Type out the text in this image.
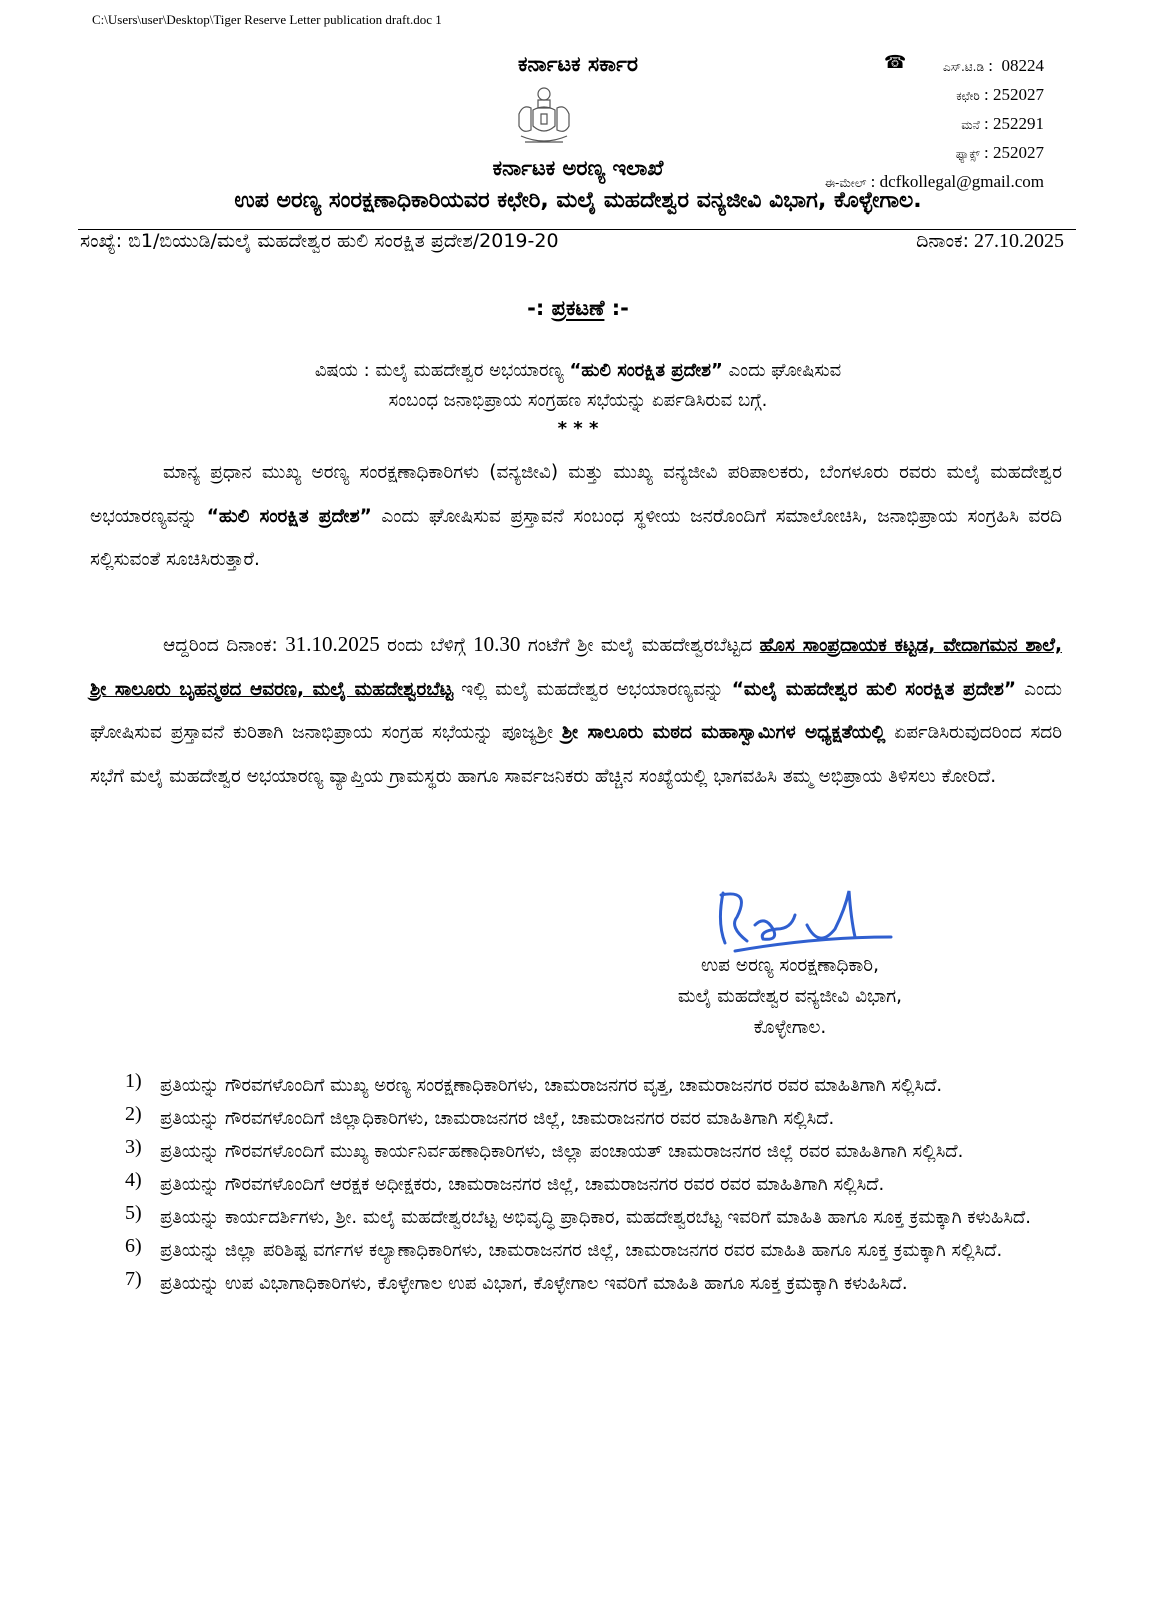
C:\Users\user\Desktop\Tiger Reserve Letter publication draft.doc 1
ಕರ್ನಾಟಕ ಸರ್ಕಾರ
ಕರ್ನಾಟಕ ಅರಣ್ಯ ಇಲಾಖೆ
☎	ಎಸ್.ಟಿ.ಡಿ :  08224
ಕಛೇರಿ : 252027
ಮನೆ : 252291
ಫ್ಯಾಕ್ಸ್ : 252027
ಈ-ಮೇಲ್ : dcfkollegal@gmail.com
ಉಪ ಅರಣ್ಯ ಸಂರಕ್ಷಣಾಧಿಕಾರಿಯವರ ಕಛೇರಿ, ಮಲೈ ಮಹದೇಶ್ವರ ವನ್ಯಜೀವಿ ವಿಭಾಗ, ಕೊಳ್ಳೇಗಾಲ.
ಸಂಖ್ಯೆ: ಬಿ1/ಬಿಯುಡಿ/ಮಲೈ ಮಹದೇಶ್ವರ ಹುಲಿ ಸಂರಕ್ಷಿತ ಪ್ರದೇಶ/2019-20	ದಿನಾಂಕ: 27.10.2025
-: ಪ್ರಕಟಣೆ :-
ವಿಷಯ : ಮಲೈ ಮಹದೇಶ್ವರ ಅಭಯಾರಣ್ಯ “ಹುಲಿ ಸಂರಕ್ಷಿತ ಪ್ರದೇಶ” ಎಂದು ಘೋಷಿಸುವ
ಸಂಬಂಧ ಜನಾಭಿಪ್ರಾಯ ಸಂಗ್ರಹಣ ಸಭೆಯನ್ನು ಏರ್ಪಡಿಸಿರುವ ಬಗ್ಗೆ.
* * *
ಮಾನ್ಯ ಪ್ರಧಾನ ಮುಖ್ಯ ಅರಣ್ಯ ಸಂರಕ್ಷಣಾಧಿಕಾರಿಗಳು (ವನ್ಯಜೀವಿ) ಮತ್ತು ಮುಖ್ಯ ವನ್ಯಜೀವಿ ಪರಿಪಾಲಕರು, ಬೆಂಗಳೂರು ರವರು ಮಲೈ ಮಹದೇಶ್ವರ ಅಭಯಾರಣ್ಯವನ್ನು “ಹುಲಿ ಸಂರಕ್ಷಿತ ಪ್ರದೇಶ” ಎಂದು ಘೋಷಿಸುವ ಪ್ರಸ್ತಾವನೆ ಸಂಬಂಧ ಸ್ಥಳೀಯ ಜನರೊಂದಿಗೆ ಸಮಾಲೋಚಿಸಿ, ಜನಾಭಿಪ್ರಾಯ ಸಂಗ್ರಹಿಸಿ ವರದಿ ಸಲ್ಲಿಸುವಂತೆ ಸೂಚಿಸಿರುತ್ತಾರೆ.
ಆದ್ದರಿಂದ ದಿನಾಂಕ: 31.10.2025 ರಂದು ಬೆಳಿಗ್ಗೆ 10.30 ಗಂಟೆಗೆ ಶ್ರೀ ಮಲೈ ಮಹದೇಶ್ವರಬೆಟ್ಟದ ಹೊಸ ಸಾಂಪ್ರದಾಯಕ ಕಟ್ಟಡ, ವೇದಾಗಮನ ಶಾಲೆ, ಶ್ರೀ ಸಾಲೂರು ಬೃಹನ್ಮಠದ ಆವರಣ, ಮಲೈ ಮಹದೇಶ್ವರಬೆಟ್ಟ ಇಲ್ಲಿ ಮಲೈ ಮಹದೇಶ್ವರ ಅಭಯಾರಣ್ಯವನ್ನು “ಮಲೈ ಮಹದೇಶ್ವರ ಹುಲಿ ಸಂರಕ್ಷಿತ ಪ್ರದೇಶ” ಎಂದು ಘೋಷಿಸುವ ಪ್ರಸ್ತಾವನೆ ಕುರಿತಾಗಿ ಜನಾಭಿಪ್ರಾಯ ಸಂಗ್ರಹ ಸಭೆಯನ್ನು ಪೂಜ್ಯಶ್ರೀ ಶ್ರೀ ಸಾಲೂರು ಮಠದ ಮಹಾಸ್ವಾಮಿಗಳ ಅಧ್ಯಕ್ಷತೆಯಲ್ಲಿ ಏರ್ಪಡಿಸಿರುವುದರಿಂದ ಸದರಿ ಸಭೆಗೆ ಮಲೈ ಮಹದೇಶ್ವರ ಅಭಯಾರಣ್ಯ ವ್ಯಾಪ್ತಿಯ ಗ್ರಾಮಸ್ಥರು ಹಾಗೂ ಸಾರ್ವಜನಿಕರು ಹೆಚ್ಚಿನ ಸಂಖ್ಯೆಯಲ್ಲಿ ಭಾಗವಹಿಸಿ ತಮ್ಮ ಅಭಿಪ್ರಾಯ ತಿಳಿಸಲು ಕೋರಿದೆ.
ಉಪ ಅರಣ್ಯ ಸಂರಕ್ಷಣಾಧಿಕಾರಿ,
ಮಲೈ ಮಹದೇಶ್ವರ ವನ್ಯಜೀವಿ ವಿಭಾಗ,
ಕೊಳ್ಳೇಗಾಲ.
1) ಪ್ರತಿಯನ್ನು ಗೌರವಗಳೊಂದಿಗೆ ಮುಖ್ಯ ಅರಣ್ಯ ಸಂರಕ್ಷಣಾಧಿಕಾರಿಗಳು, ಚಾಮರಾಜನಗರ ವೃತ್ತ, ಚಾಮರಾಜನಗರ ರವರ ಮಾಹಿತಿಗಾಗಿ ಸಲ್ಲಿಸಿದೆ.
2) ಪ್ರತಿಯನ್ನು ಗೌರವಗಳೊಂದಿಗೆ ಜಿಲ್ಲಾಧಿಕಾರಿಗಳು, ಚಾಮರಾಜನಗರ ಜಿಲ್ಲೆ, ಚಾಮರಾಜನಗರ ರವರ ಮಾಹಿತಿಗಾಗಿ ಸಲ್ಲಿಸಿದೆ.
3) ಪ್ರತಿಯನ್ನು ಗೌರವಗಳೊಂದಿಗೆ ಮುಖ್ಯ ಕಾರ್ಯನಿರ್ವಹಣಾಧಿಕಾರಿಗಳು, ಜಿಲ್ಲಾ ಪಂಚಾಯತ್ ಚಾಮರಾಜನಗರ ಜಿಲ್ಲೆ ರವರ ಮಾಹಿತಿಗಾಗಿ ಸಲ್ಲಿಸಿದೆ.
4) ಪ್ರತಿಯನ್ನು ಗೌರವಗಳೊಂದಿಗೆ ಆರಕ್ಷಕ ಅಧೀಕ್ಷಕರು, ಚಾಮರಾಜನಗರ ಜಿಲ್ಲೆ, ಚಾಮರಾಜನಗರ ರವರ ರವರ ಮಾಹಿತಿಗಾಗಿ ಸಲ್ಲಿಸಿದೆ.
5) ಪ್ರತಿಯನ್ನು ಕಾರ್ಯದರ್ಶಿಗಳು, ಶ್ರೀ. ಮಲೈ ಮಹದೇಶ್ವರಬೆಟ್ಟ ಅಭಿವೃದ್ಧಿ ಪ್ರಾಧಿಕಾರ, ಮಹದೇಶ್ವರಬೆಟ್ಟ ಇವರಿಗೆ ಮಾಹಿತಿ ಹಾಗೂ ಸೂಕ್ತ ಕ್ರಮಕ್ಕಾಗಿ ಕಳುಹಿಸಿದೆ.
6) ಪ್ರತಿಯನ್ನು ಜಿಲ್ಲಾ ಪರಿಶಿಷ್ಟ ವರ್ಗಗಳ ಕಲ್ಯಾಣಾಧಿಕಾರಿಗಳು, ಚಾಮರಾಜನಗರ ಜಿಲ್ಲೆ, ಚಾಮರಾಜನಗರ ರವರ ಮಾಹಿತಿ ಹಾಗೂ ಸೂಕ್ತ ಕ್ರಮಕ್ಕಾಗಿ ಸಲ್ಲಿಸಿದೆ.
7) ಪ್ರತಿಯನ್ನು ಉಪ ವಿಭಾಗಾಧಿಕಾರಿಗಳು, ಕೊಳ್ಳೇಗಾಲ ಉಪ ವಿಭಾಗ, ಕೊಳ್ಳೇಗಾಲ ಇವರಿಗೆ ಮಾಹಿತಿ ಹಾಗೂ ಸೂಕ್ತ ಕ್ರಮಕ್ಕಾಗಿ ಕಳುಹಿಸಿದೆ.
